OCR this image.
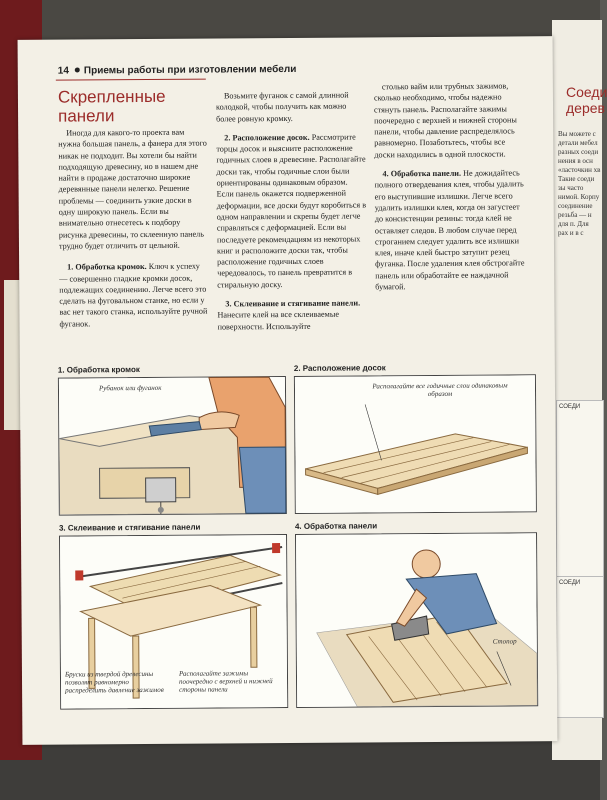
Соеди
дерев
Вы можете с
детали мебел
разных соеди
нения в осн
«ласточкин хв
Такие соеди
зы часто
нимой. Корпу
соединение
резьба — н
для п. Для
рах и в с
СОЕДИ
СОЕДИ
14 Приемы работы при изготовлении мебели
Скрепленные
панели

Иногда для какого-то проекта вам нужна большая панель, а фанера для этого никак не подходит. Вы хотели бы найти подходящую древесину, но в нашем дне найти в продаже достаточно широкие деревянные панели нелегко. Решение проблемы — соединить узкие доски в одну широкую панель. Если вы внимательно отнесетесь к подбору рисунка древесины, то склеенную панель трудно будет отличить от цельной.

1. Обработка кромок. Ключ к успеху — совершенно гладкие кромки досок, подлежащих соединению. Легче всего это сделать на фуговальном станке, но если у вас нет такого станка, используйте ручной фуганок.

Возьмите фуганок с самой длинной колодкой, чтобы получить как можно более ровную кромку.

2. Расположение досок. Рассмотрите торцы досок и выясните расположение годичных слоев в древесине. Располагайте доски так, чтобы годичные слои были ориентированы одинаковым образом. Если панель окажется подверженной деформации, все доски будут коробиться в одном направлении и скрепы будет легче справляться с деформацией. Если вы последуете рекомендациям из некоторых книг и расположите доски так, чтобы расположение годичных слоев чередовалось, то панель превратится в стиральную доску.

3. Склеивание и стягивание панели. Нанесите клей на все склеиваемые поверхности. Используйте

столько вайм или трубных зажимов, сколько необходимо, чтобы надежно стянуть панель. Располагайте зажимы поочередно с верхней и нижней стороны панели, чтобы давление распределялось равномерно. Позаботьтесь, чтобы все доски находились в одной плоскости.

4. Обработка панели. Не дожидайтесь полного отвердевания клея, чтобы удалить его выступившие излишки. Легче всего удалить излишки клея, когда он загустеет до консистенции резины: тогда клей не оставляет следов. В любом случае перед строганием следует удалить все излишки клея, иначе клей быстро затупит резец фуганка. После удаления клея обстрогайте панель или обработайте ее наждачной бумагой.

1. Обработка кромок
Рубанок или фуганок
2. Расположение досок
Располагайте все годичные слои одинаковым образом
3. Склеивание и стягивание панели
Бруски из твердой древесины позволят равномерно распределить давление зажимов
Располагайте зажимы поочередно с верхней и нижней стороны панели
4. Обработка панели
Стопор
